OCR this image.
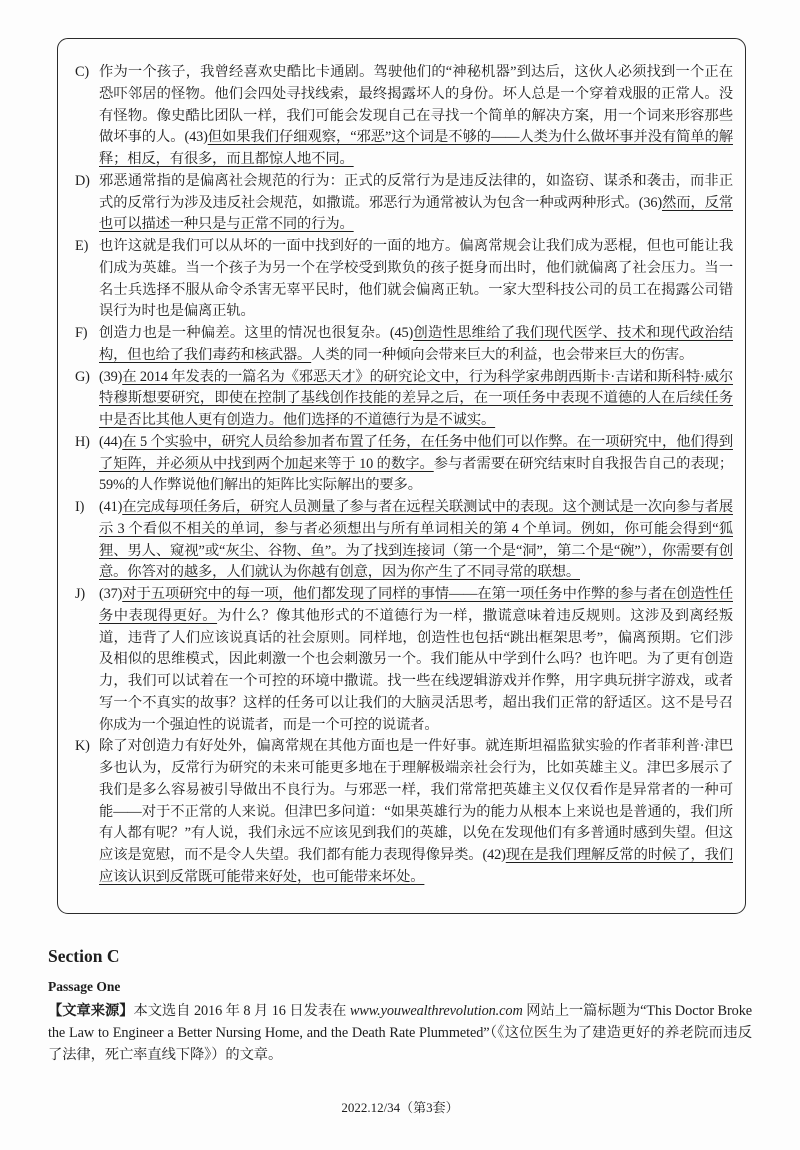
C) 作为一个孩子，我曾经喜欢史酷比卡通剧。驾驶他们的“神秘机器”到达后，这伙人必须找到一个正在恐吓邻居的怪物。他们会四处寻找线索，最终揭露坏人的身份。坏人总是一个穿着戏服的正常人。没有怪物。像史酷比团队一样，我们可能会发现自己在寻找一个简单的解决方案，用一个词来形容那些做坏事的人。(43)但如果我们仔细观察，“邪恶”这个词是不够的——人类为什么做坏事并没有简单的解释；相反，有很多，而且都惊人地不同。
D) 邪恶通常指的是偏离社会规范的行为：正式的反常行为是违反法律的，如盗窃、谋杀和袭击，而非正式的反常行为涉及违反社会规范，如撒谎。邪恶行为通常被认为包含一种或两种形式。(36)然而，反常也可以描述一种只是与正常不同的行为。
E) 也许这就是我们可以从坏的一面中找到好的一面的地方。偏离常规会让我们成为恶棍，但也可能让我们成为英雄。当一个孩子为另一个在学校受到欺负的孩子挺身而出时，他们就偏离了社会压力。当一名士兵选择不服从命令杀害无辜平民时，他们就会偏离正轨。一家大型科技公司的员工在揭露公司错误行为时也是偏离正轨。
F) 创造力也是一种偏差。这里的情况也很复杂。(45)创造性思维给了我们现代医学、技术和现代政治结构，但也给了我们毒药和核武器。人类的同一种倾向会带来巨大的利益，也会带来巨大的伤害。
G) (39)在 2014 年发表的一篇名为《邪恶天才》的研究论文中，行为科学家弗朗西斯卡·吉诺和斯科特·威尔特穆斯想要研究，即使在控制了基线创作技能的差异之后，在一项任务中表现不道德的人在后续任务中是否比其他人更有创造力。他们选择的不道德行为是不诚实。
H) (44)在 5 个实验中，研究人员给参加者布置了任务，在任务中他们可以作弊。在一项研究中，他们得到了矩阵，并必须从中找到两个加起来等于 10 的数字。参与者需要在研究结束时自我报告自己的表现；59%的人作弊说他们解出的矩阵比实际解出的要多。
I)	(41)在完成每项任务后，研究人员测量了参与者在远程关联测试中的表现。这个测试是一次向参与者展示 3 个看似不相关的单词，参与者必须想出与所有单词相关的第 4 个单词。例如，你可能会得到“狐狸、男人、窥视”或“灰尘、谷物、鱼”。为了找到连接词（第一个是“洞”，第二个是“碗”），你需要有创意。你答对的越多，人们就认为你越有创意，因为你产生了不同寻常的联想。
J) (37)对于五项研究中的每一项，他们都发现了同样的事情——在第一项任务中作弊的参与者在创造性任务中表现得更好。为什么？像其他形式的不道德行为一样，撒谎意味着违反规则。这涉及到离经叛道，违背了人们应该说真话的社会原则。同样地，创造性也包括“跳出框架思考”，偏离预期。它们涉及相似的思维模式，因此刺激一个也会刺激另一个。我们能从中学到什么吗？也许吧。为了更有创造力，我们可以试着在一个可控的环境中撒谎。找一些在线逻辑游戏并作弊，用字典玩拼字游戏，或者写一个不真实的故事？这样的任务可以让我们的大脑灵活思考，超出我们正常的舒适区。这不是号召你成为一个强迫性的说谎者，而是一个可控的说谎者。
K) 除了对创造力有好处外，偏离常规在其他方面也是一件好事。就连斯坦福监狱实验的作者菲利普·津巴多也认为，反常行为研究的未来可能更多地在于理解极端亲社会行为，比如英雄主义。津巴多展示了我们是多么容易被引导做出不良行为。与邪恶一样，我们常常把英雄主义仅仅看作是异常者的一种可能——对于不正常的人来说。但津巴多问道：“如果英雄行为的能力从根本上来说也是普通的，我们所有人都有呢？”有人说，我们永远不应该见到我们的英雄，以免在发现他们有多普通时感到失望。但这应该是宽慰，而不是令人失望。我们都有能力表现得像异类。(42)现在是我们理解反常的时候了，我们应该认识到反常既可能带来好处，也可能带来坏处。
Section C
Passage One
【文章来源】本文选自 2016 年 8 月 16 日发表在 www.youwealthrevolution.com 网站上一篇标题为“This Doctor Broke the Law to Engineer a Better Nursing Home, and the Death Rate Plummeted”（《这位医生为了建造更好的养老院而违反了法律，死亡率直线下降》）的文章。
2022.12/34（第3套）
